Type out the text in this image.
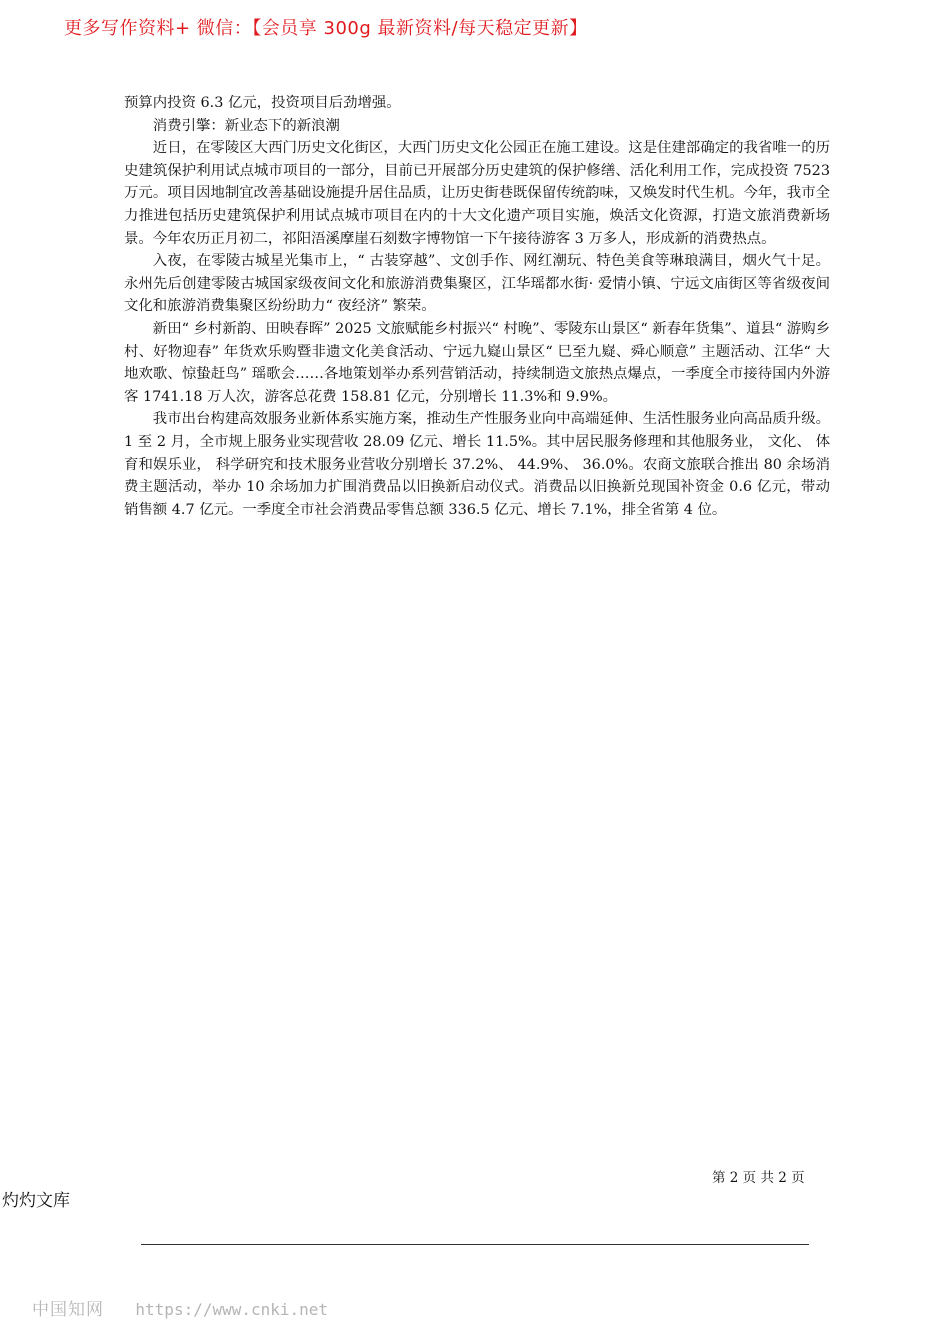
更多写作资料+ 微信：【会员享 300g 最新资料/每天稳定更新】

预算内投资 6.3 亿元，投资项目后劲增强。

消费引擎：新业态下的新浪潮

近日，在零陵区大西门历史文化街区，大西门历史文化公园正在施工建设。这是住建部确定的我省唯一的历史建筑保护利用试点城市项目的一部分，目前已开展部分历史建筑的保护修缮、活化利用工作，完成投资 7523 万元。项目因地制宜改善基础设施提升居住品质，让历史街巷既保留传统韵味，又焕发时代生机。今年，我市全力推进包括历史建筑保护利用试点城市项目在内的十大文化遗产项目实施，焕活文化资源，打造文旅消费新场景。今年农历正月初二，祁阳浯溪摩崖石刻数字博物馆一下午接待游客 3 万多人，形成新的消费热点。

入夜，在零陵古城星光集市上，“ 古装穿越”、文创手作、网红潮玩、特色美食等琳琅满目，烟火气十足。永州先后创建零陵古城国家级夜间文化和旅游消费集聚区，江华瑶都水街· 爱情小镇、宁远文庙街区等省级夜间文化和旅游消费集聚区纷纷助力“ 夜经济” 繁荣。

新田“ 乡村新韵、田映春晖” 2025 文旅赋能乡村振兴“ 村晚”、零陵东山景区“ 新春年货集”、道县“ 游购乡村、好物迎春” 年货欢乐购暨非遗文化美食活动、宁远九嶷山景区“ 巳至九嶷、舜心顺意” 主题活动、江华“ 大地欢歌、惊蛰赶鸟” 瑶歌会……各地策划举办系列营销活动，持续制造文旅热点爆点，一季度全市接待国内外游客 1741.18 万人次，游客总花费 158.81 亿元，分别增长 11.3%和 9.9%。

我市出台构建高效服务业新体系实施方案，推动生产性服务业向中高端延伸、生活性服务业向高品质升级。1 至 2 月，全市规上服务业实现营收 28.09 亿元、增长 11.5%。其中居民服务修理和其他服务业， 文化、 体育和娱乐业， 科学研究和技术服务业营收分别增长 37.2%、 44.9%、 36.0%。农商文旅联合推出 80 余场消费主题活动，举办 10 余场加力扩围消费品以旧换新启动仪式。消费品以旧换新兑现国补资金 0.6 亿元，带动销售额 4.7 亿元。一季度全市社会消费品零售总额 336.5 亿元、增长 7.1%，排全省第 4 位。

第 2 页 共 2 页
灼灼文库
中国知网 https://www.cnki.net
